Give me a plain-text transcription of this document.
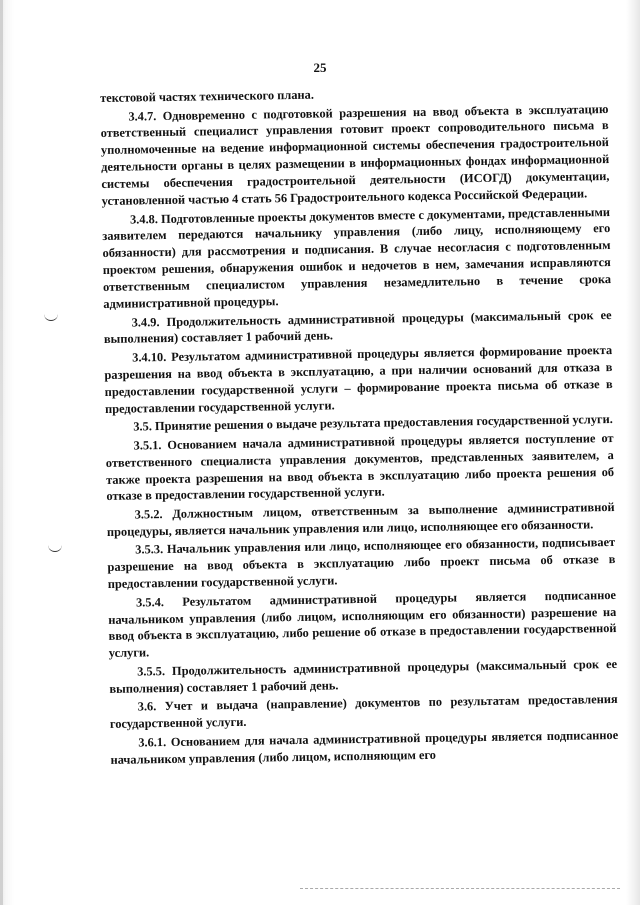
25

текстовой частях технического плана.

3.4.7. Одновременно с подготовкой разрешения на ввод объекта в эксплуатацию ответственный специалист управления готовит проект сопроводительного письма в уполномоченные на ведение информационной системы обеспечения градостроительной деятельности органы в целях размещении в информационных фондах информационной системы обеспечения градостроительной деятельности (ИСОГД) документации, установленной частью 4 стать 56 Градостроительного кодекса Российской Федерации.

3.4.8. Подготовленные проекты документов вместе с документами, представленными заявителем передаются начальнику управления (либо лицу, исполняющему его обязанности) для рассмотрения и подписания. В случае несогласия с подготовленным проектом решения, обнаружения ошибок и недочетов в нем, замечания исправляются ответственным специалистом управления незамедлительно в течение срока административной процедуры.

3.4.9. Продолжительность административной процедуры (максимальный срок ее выполнения) составляет 1 рабочий день.

3.4.10. Результатом административной процедуры является формирование проекта разрешения на ввод объекта в эксплуатацию, а при наличии оснований для отказа в предоставлении государственной услуги – формирование проекта письма об отказе в предоставлении государственной услуги.

3.5. Принятие решения о выдаче результата предоставления государственной услуги.

3.5.1. Основанием начала административной процедуры является поступление от ответственного специалиста управления документов, представленных заявителем, а также проекта разрешения на ввод объекта в эксплуатацию либо проекта решения об отказе в предоставлении государственной услуги.

3.5.2. Должностным лицом, ответственным за выполнение административной процедуры, является начальник управления или лицо, исполняющее его обязанности.

3.5.3. Начальник управления или лицо, исполняющее его обязанности, подписывает разрешение на ввод объекта в эксплуатацию либо проект письма об отказе в предоставлении государственной услуги.

3.5.4. Результатом административной процедуры является подписанное начальником управления (либо лицом, исполняющим его обязанности) разрешение на ввод объекта в эксплуатацию, либо решение об отказе в предоставлении государственной услуги.

3.5.5. Продолжительность административной процедуры (максимальный срок ее выполнения) составляет 1 рабочий день.

3.6. Учет и выдача (направление) документов по результатам предоставления государственной услуги.

3.6.1. Основанием для начала административной процедуры является подписанное начальником управления (либо лицом, исполняющим его
